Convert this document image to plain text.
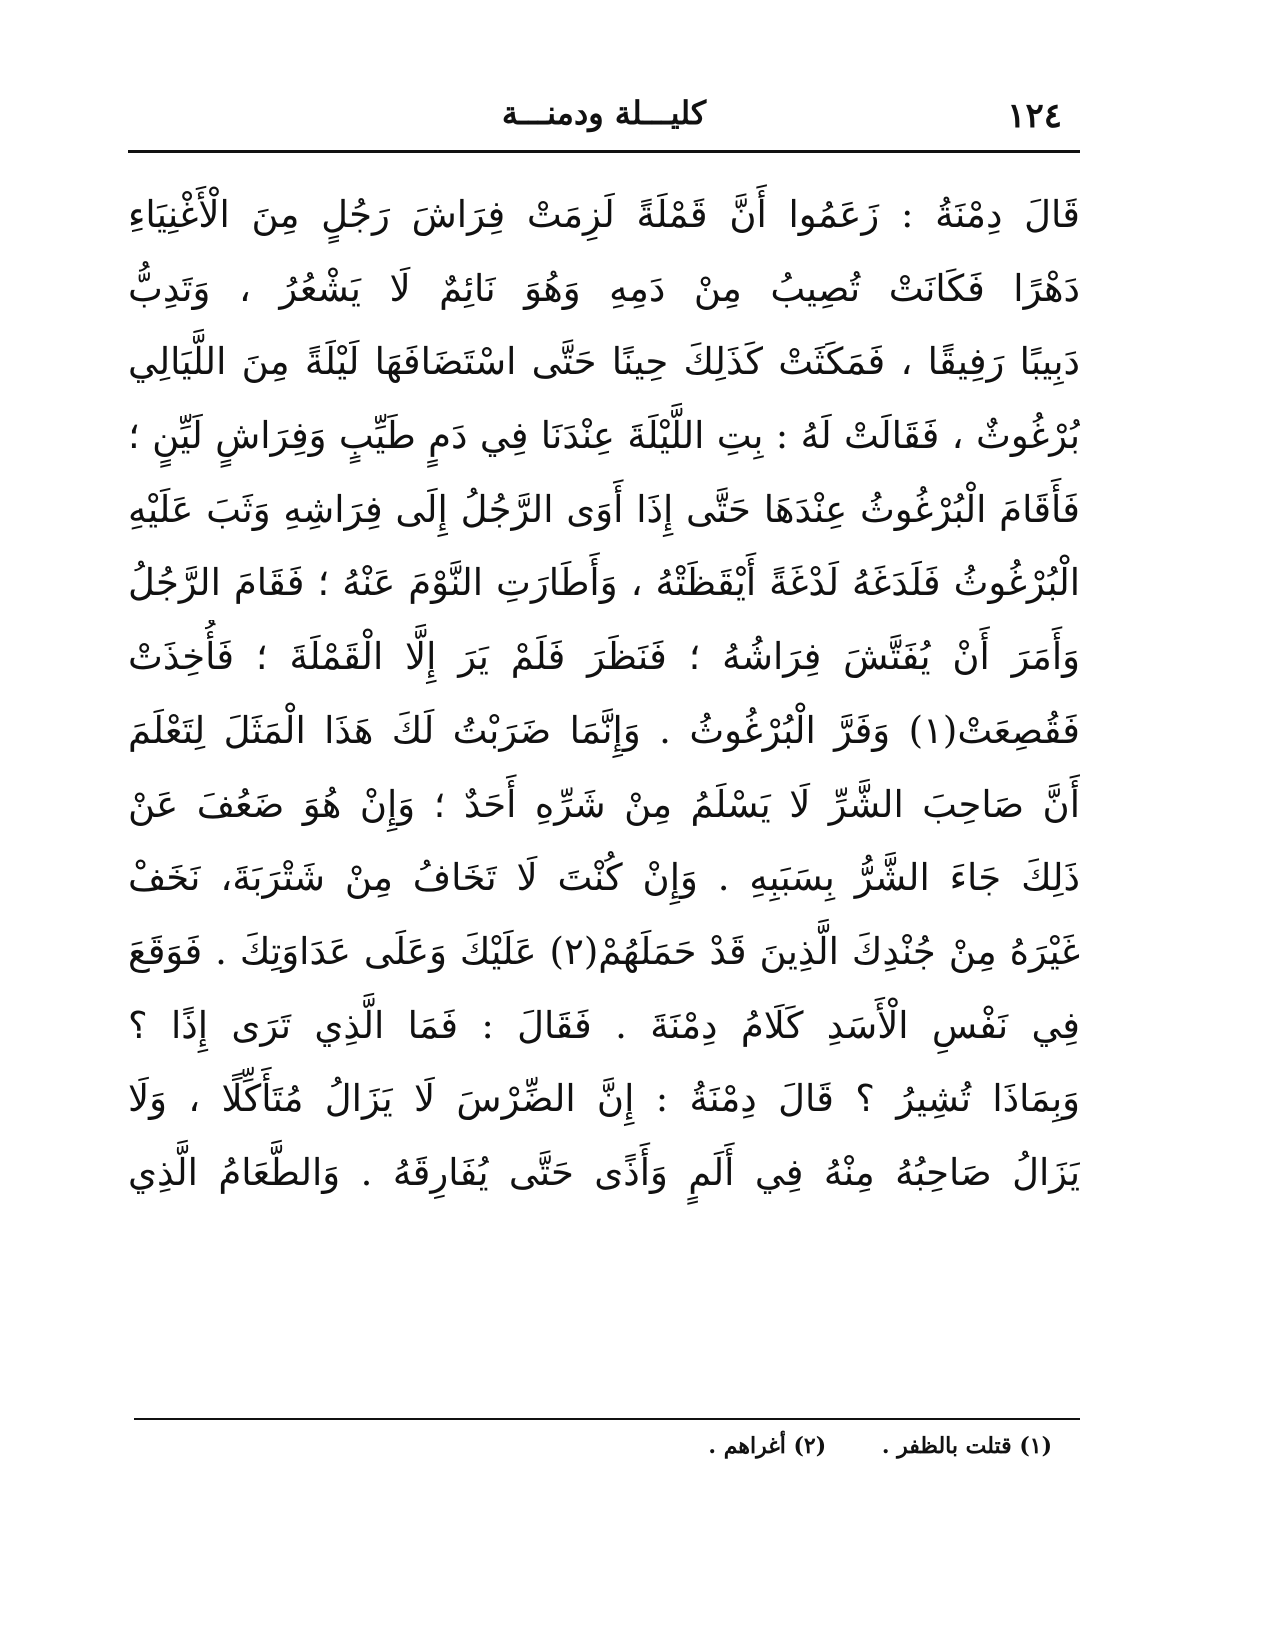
١٢٤
كليـــلة ودمنـــة
قَالَ دِمْنَةُ : زَعَمُوا أَنَّ قَمْلَةً لَزِمَتْ فِرَاشَ رَجُلٍ مِنَ الْأَغْنِيَاءِ
دَهْرًا فَكَانَتْ تُصِيبُ مِنْ دَمِهِ وَهُوَ نَائِمٌ لَا يَشْعُرُ ، وَتَدِبُّ
دَبِيبًا رَفِيقًا ، فَمَكَثَتْ كَذَلِكَ حِينًا حَتَّى اسْتَضَافَهَا لَيْلَةً مِنَ اللَّيَالِي
بُرْغُوثٌ ، فَقَالَتْ لَهُ : بِتِ اللَّيْلَةَ عِنْدَنَا فِي دَمٍ طَيِّبٍ وَفِرَاشٍ لَيِّنٍ ؛
فَأَقَامَ الْبُرْغُوثُ عِنْدَهَا حَتَّى إِذَا أَوَى الرَّجُلُ إِلَى فِرَاشِهِ وَثَبَ عَلَيْهِ
الْبُرْغُوثُ فَلَدَغَهُ لَدْغَةً أَيْقَظَتْهُ ، وَأَطَارَتِ النَّوْمَ عَنْهُ ؛ فَقَامَ الرَّجُلُ
وَأَمَرَ أَنْ يُفَتَّشَ فِرَاشُهُ ؛ فَنَظَرَ فَلَمْ يَرَ إِلَّا الْقَمْلَةَ ؛ فَأُخِذَتْ
فَقُصِعَتْ(١) وَفَرَّ الْبُرْغُوثُ . وَإِنَّمَا ضَرَبْتُ لَكَ هَذَا الْمَثَلَ لِتَعْلَمَ
أَنَّ صَاحِبَ الشَّرِّ لَا يَسْلَمُ مِنْ شَرِّهِ أَحَدٌ ؛ وَإِنْ هُوَ ضَعُفَ عَنْ
ذَلِكَ جَاءَ الشَّرُّ بِسَبَبِهِ . وَإِنْ كُنْتَ لَا تَخَافُ مِنْ شَتْرَبَةَ، نَخَفْ
غَيْرَهُ مِنْ جُنْدِكَ الَّذِينَ قَدْ حَمَلَهُمْ(٢) عَلَيْكَ وَعَلَى عَدَاوَتِكَ . فَوَقَعَ
فِي نَفْسِ الْأَسَدِ كَلَامُ دِمْنَةَ . فَقَالَ : فَمَا الَّذِي تَرَى إِذًا ؟
وَبِمَاذَا تُشِيرُ ؟ قَالَ دِمْنَةُ : إِنَّ الضِّرْسَ لَا يَزَالُ مُتَأَكِّلًا ، وَلَا
يَزَالُ صَاحِبُهُ مِنْهُ فِي أَلَمٍ وَأَذًى حَتَّى يُفَارِقَهُ . وَالطَّعَامُ الَّذِي
(١) قتلت بالظفر . (٢) أغراهم .
